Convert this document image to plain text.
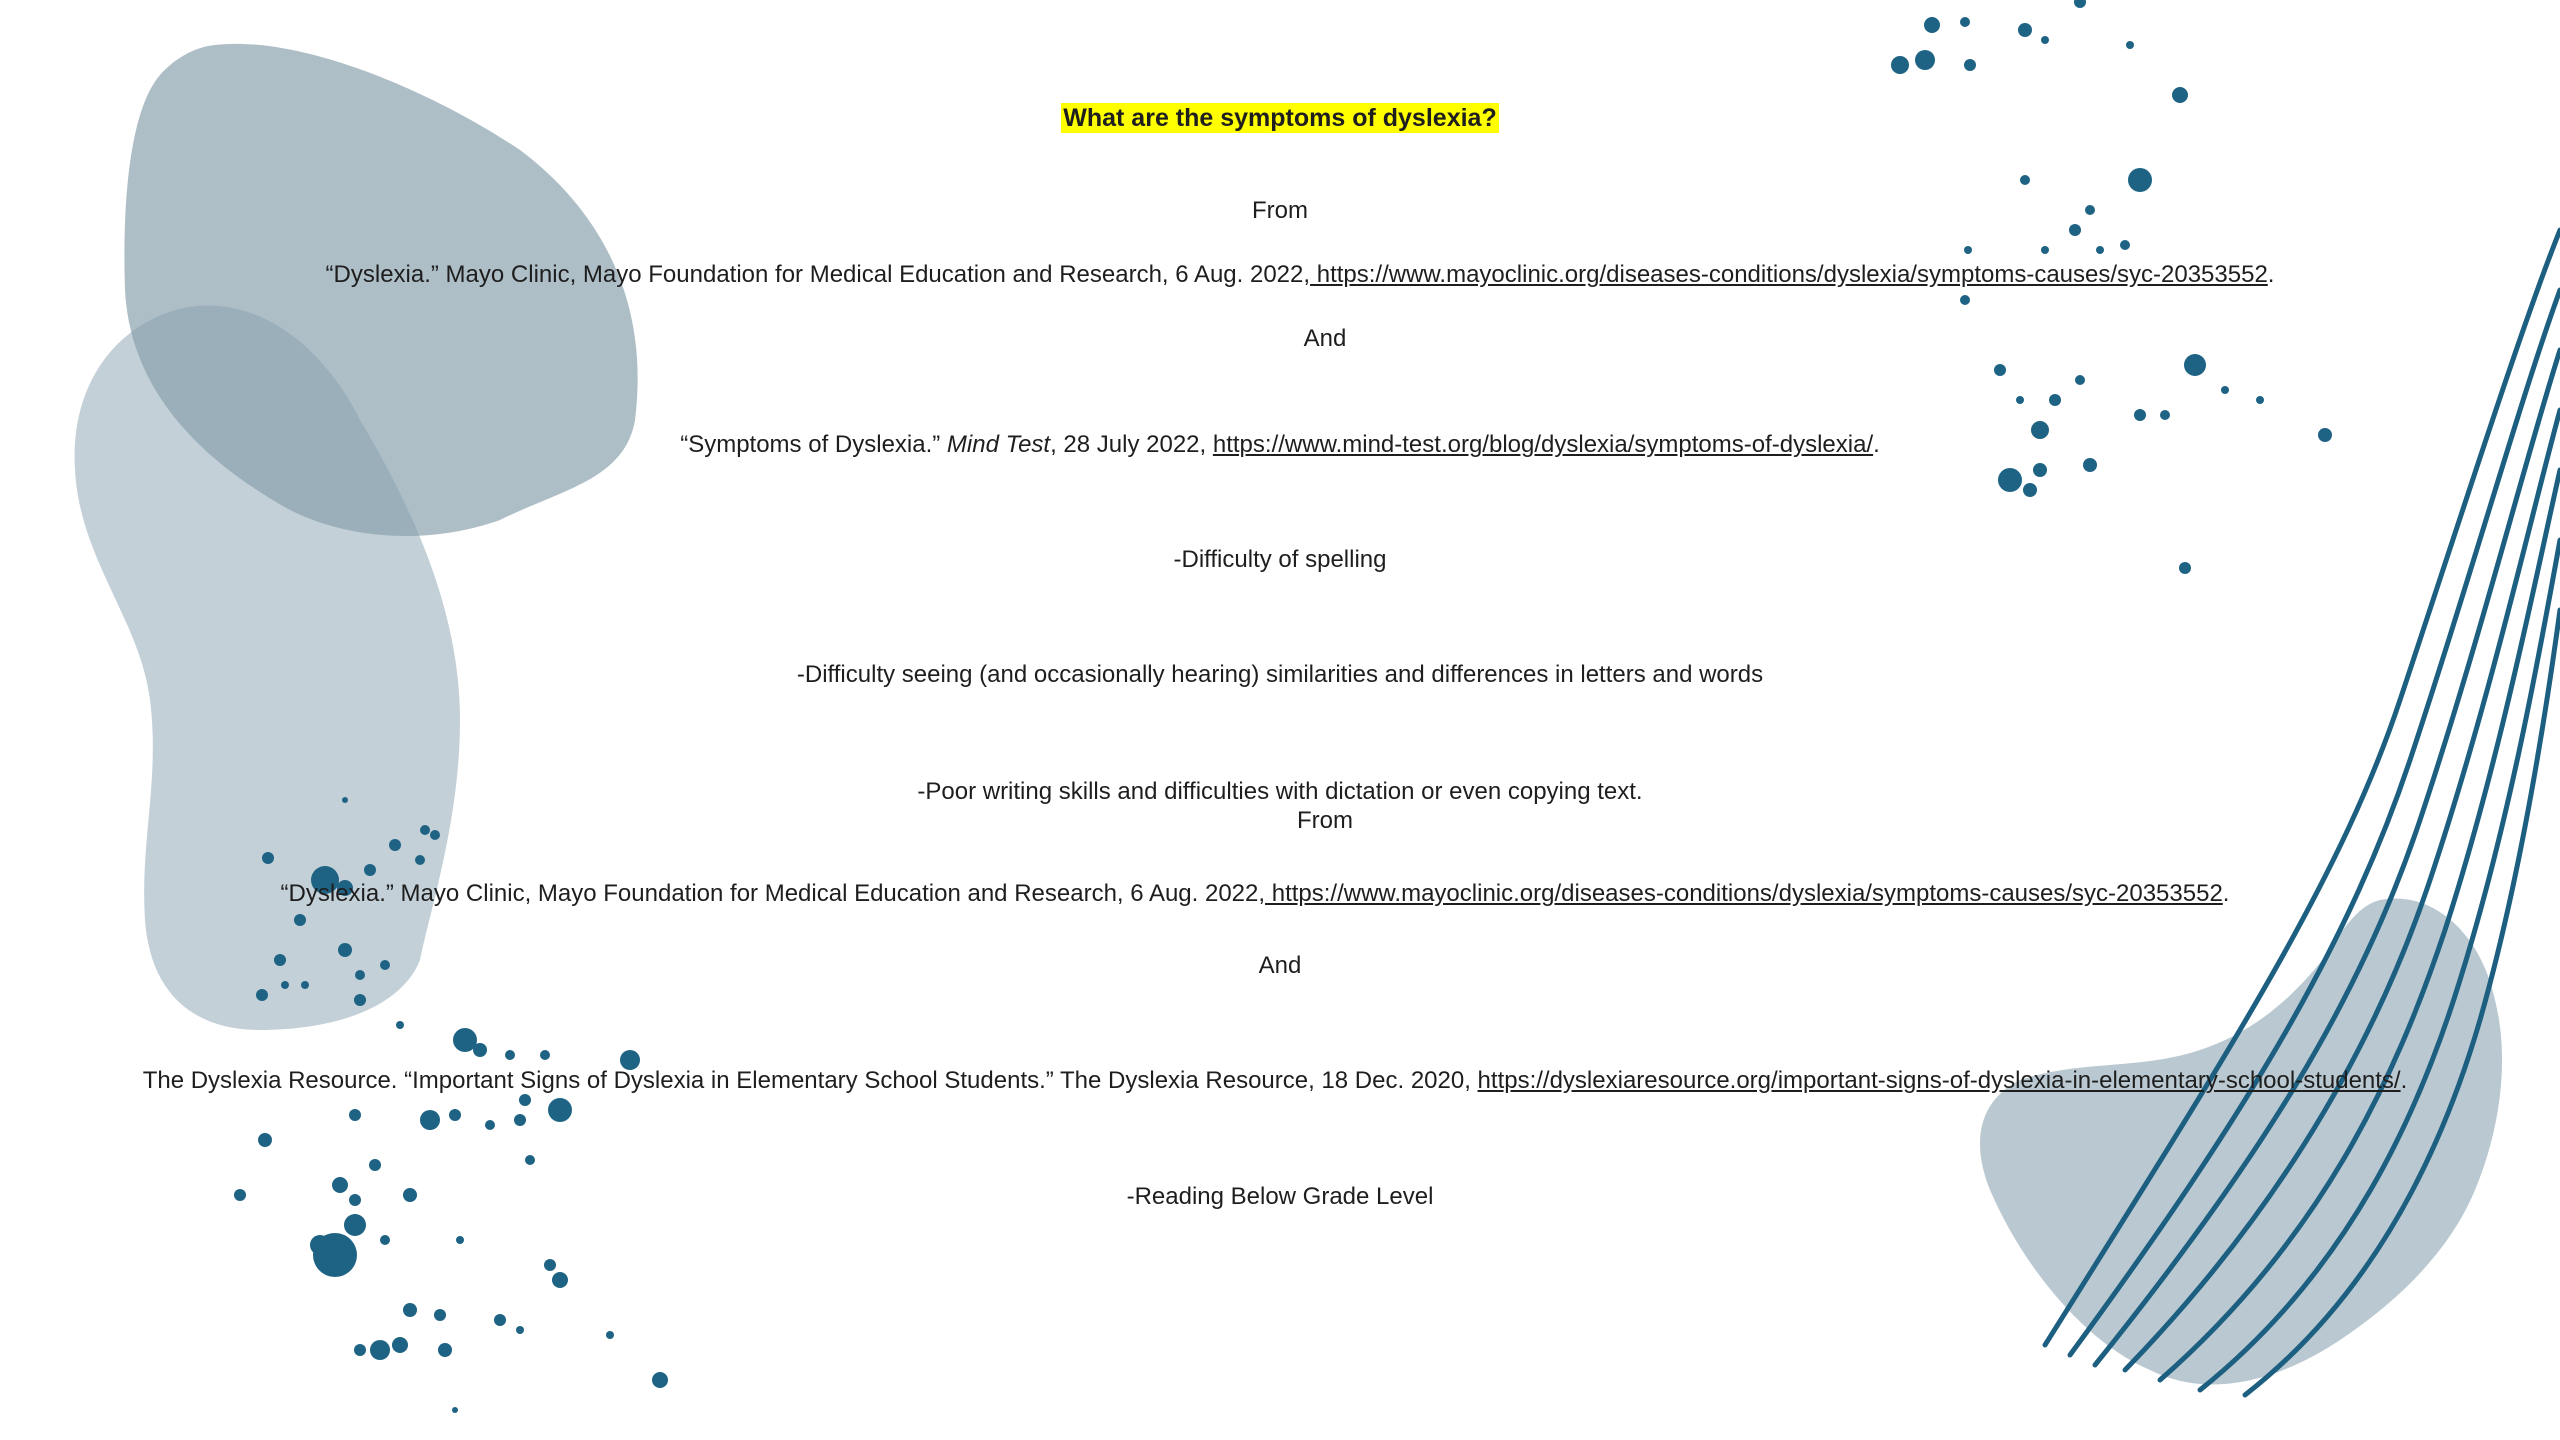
What are the symptoms of dyslexia?
From
“Dyslexia.” Mayo Clinic, Mayo Foundation for Medical Education and Research, 6 Aug. 2022, https://www.mayoclinic.org/diseases-conditions/dyslexia/symptoms-causes/syc-20353552.
And
“Symptoms of Dyslexia.” Mind Test, 28 July 2022, https://www.mind-test.org/blog/dyslexia/symptoms-of-dyslexia/.
-Difficulty of spelling
-Difficulty seeing (and occasionally hearing) similarities and differences in letters and words
-Poor writing skills and difficulties with dictation or even copying text.
From
“Dyslexia.” Mayo Clinic, Mayo Foundation for Medical Education and Research, 6 Aug. 2022, https://www.mayoclinic.org/diseases-conditions/dyslexia/symptoms-causes/syc-20353552.
And
The Dyslexia Resource. “Important Signs of Dyslexia in Elementary School Students.” The Dyslexia Resource, 18 Dec. 2020, https://dyslexiaresource.org/important-signs-of-dyslexia-in-elementary-school-students/.
-Reading Below Grade Level
